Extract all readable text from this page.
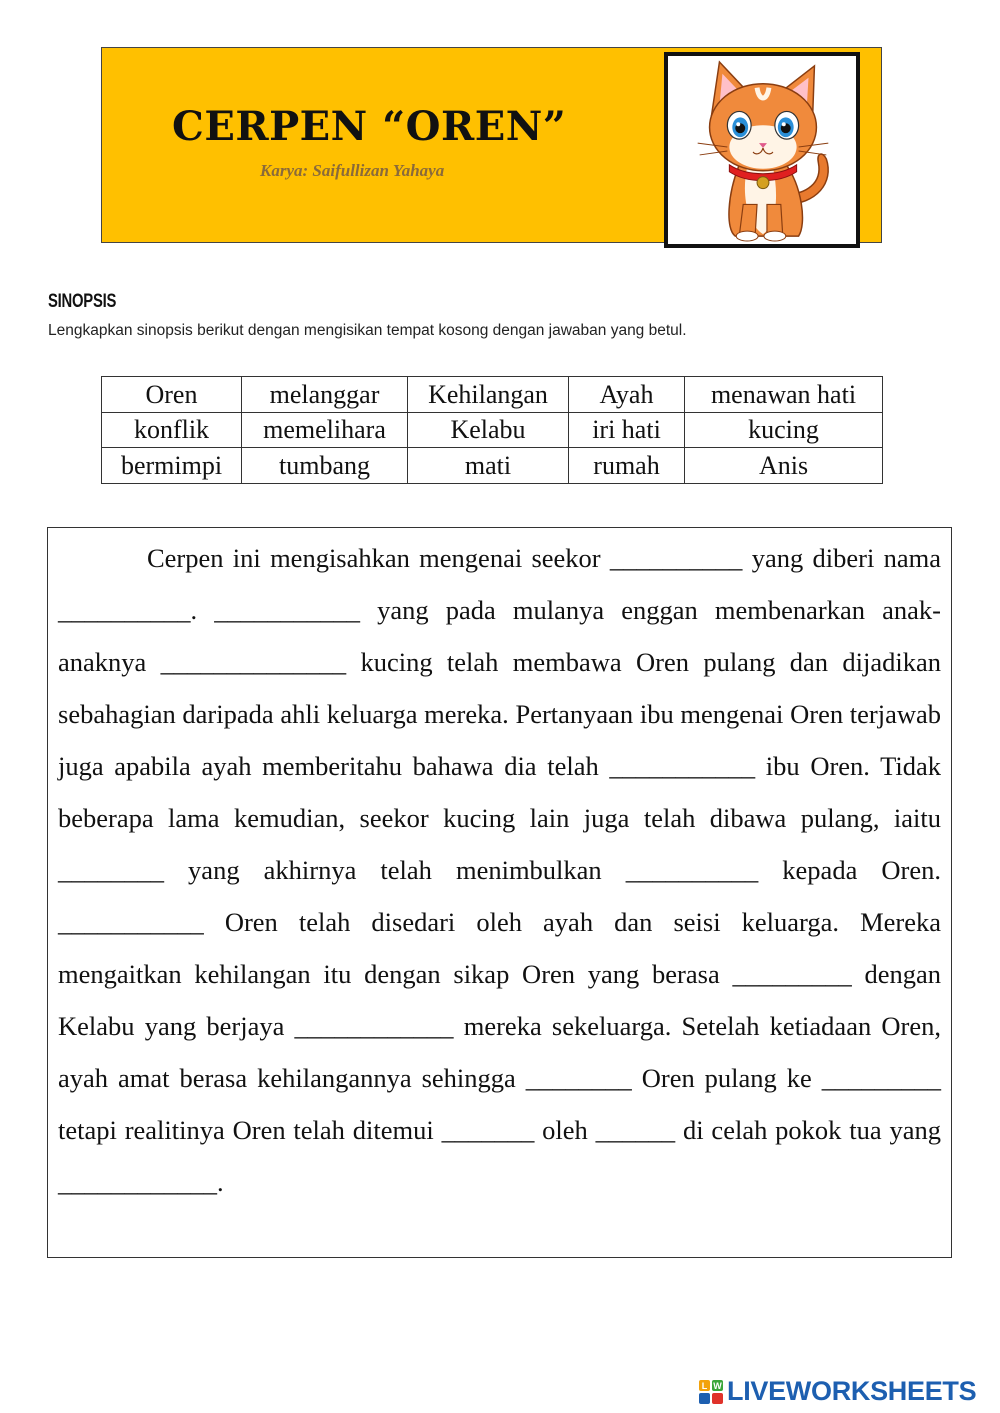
CERPEN “OREN”
Karya: Saifullizan Yahaya
SINOPSIS
Lengkapkan sinopsis berikut dengan mengisikan tempat kosong dengan jawaban yang betul.
Oren	melanggar	Kehilangan	Ayah	menawan hati
konflik	memelihara	Kelabu	iri hati	kucing
bermimpi	tumbang	mati	rumah	Anis

Cerpen ini mengisahkan mengenai seekor __________ yang diberi nama __________. ___________ yang pada mulanya enggan membenarkan anak-anaknya ______________ kucing telah membawa Oren pulang dan dijadikan sebahagian daripada ahli keluarga mereka. Pertanyaan ibu mengenai Oren terjawab juga apabila ayah memberitahu bahawa dia telah ___________ ibu Oren. Tidak beberapa lama kemudian, seekor kucing lain juga telah dibawa pulang, iaitu ________ yang akhirnya telah menimbulkan __________ kepada Oren. ___________ Oren telah disedari oleh ayah dan seisi keluarga. Mereka mengaitkan kehilangan itu dengan sikap Oren yang berasa _________ dengan Kelabu yang berjaya ____________ mereka sekeluarga. Setelah ketiadaan Oren, ayah amat berasa kehilangannya sehingga ________ Oren pulang ke _________ tetapi realitinya Oren telah ditemui _______ oleh ______ di celah pokok tua yang ____________.

L W LIVEWORKSHEETS
